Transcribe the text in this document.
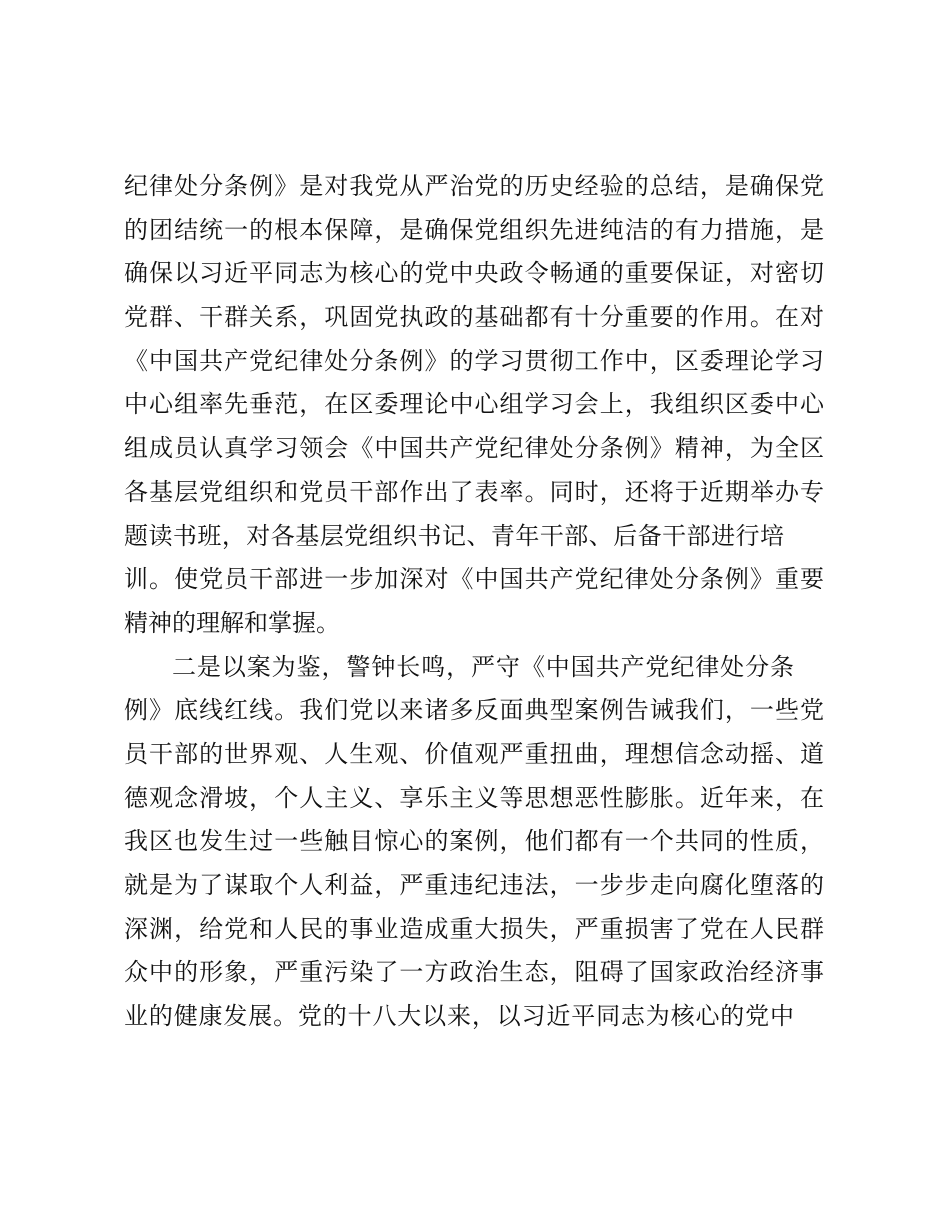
纪律处分条例》是对我党从严治党的历史经验的总结，是确保党
的团结统一的根本保障，是确保党组织先进纯洁的有力措施，是
确保以习近平同志为核心的党中央政令畅通的重要保证，对密切
党群、干群关系，巩固党执政的基础都有十分重要的作用。在对
《中国共产党纪律处分条例》的学习贯彻工作中，区委理论学习
中心组率先垂范，在区委理论中心组学习会上，我组织区委中心
组成员认真学习领会《中国共产党纪律处分条例》精神，为全区
各基层党组织和党员干部作出了表率。同时，还将于近期举办专
题读书班，对各基层党组织书记、青年干部、后备干部进行培
训。使党员干部进一步加深对《中国共产党纪律处分条例》重要
精神的理解和掌握。
二是以案为鉴，警钟长鸣，严守《中国共产党纪律处分条
例》底线红线。我们党以来诸多反面典型案例告诫我们，一些党
员干部的世界观、人生观、价值观严重扭曲，理想信念动摇、道
德观念滑坡，个人主义、享乐主义等思想恶性膨胀。近年来，在
我区也发生过一些触目惊心的案例，他们都有一个共同的性质，
就是为了谋取个人利益，严重违纪违法，一步步走向腐化堕落的
深渊，给党和人民的事业造成重大损失，严重损害了党在人民群
众中的形象，严重污染了一方政治生态，阻碍了国家政治经济事
业的健康发展。党的十八大以来，以习近平同志为核心的党中
